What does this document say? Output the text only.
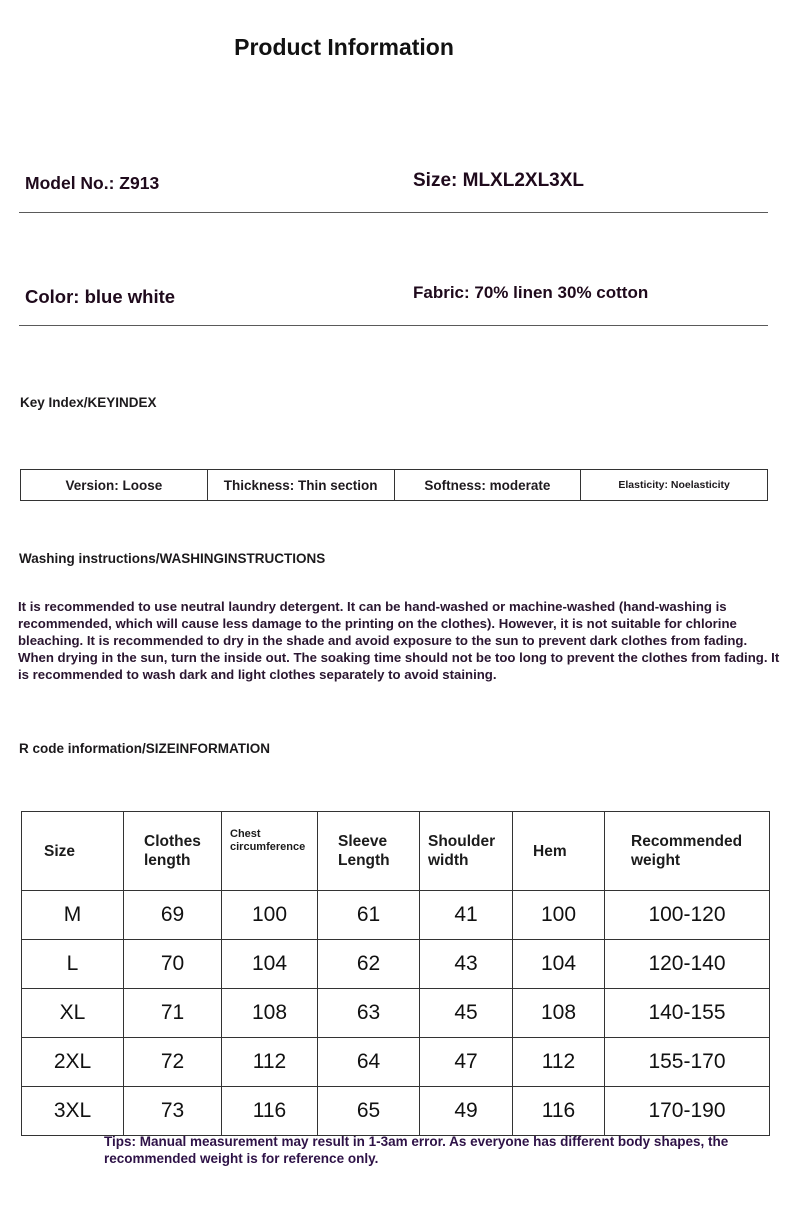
Product Information
Model No.: Z913	Size: MLXL2XL3XL
Color: blue white	Fabric: 70% linen 30% cotton
Key Index/KEYINDEX
Version: Loose	Thickness: Thin section	Softness: moderate	Elasticity: Noelasticity
Washing instructions/WASHINGINSTRUCTIONS
It is recommended to use neutral laundry detergent. It can be hand-washed or machine-washed (hand-washing is recommended, which will cause less damage to the printing on the clothes). However, it is not suitable for chlorine bleaching. It is recommended to dry in the shade and avoid exposure to the sun to prevent dark clothes from fading. When drying in the sun, turn the inside out. The soaking time should not be too long to prevent the clothes from fading. It is recommended to wash dark and light clothes separately to avoid staining.
R code information/SIZEINFORMATION
Size	Clothes length	Chest circumference	Sleeve Length	Shoulder width	Hem	Recommended weight
M	69	100	61	41	100	100-120
L	70	104	62	43	104	120-140
XL	71	108	63	45	108	140-155
2XL	72	112	64	47	112	155-170
3XL	73	116	65	49	116	170-190
Tips: Manual measurement may result in 1-3am error. As everyone has different body shapes, the recommended weight is for reference only.
